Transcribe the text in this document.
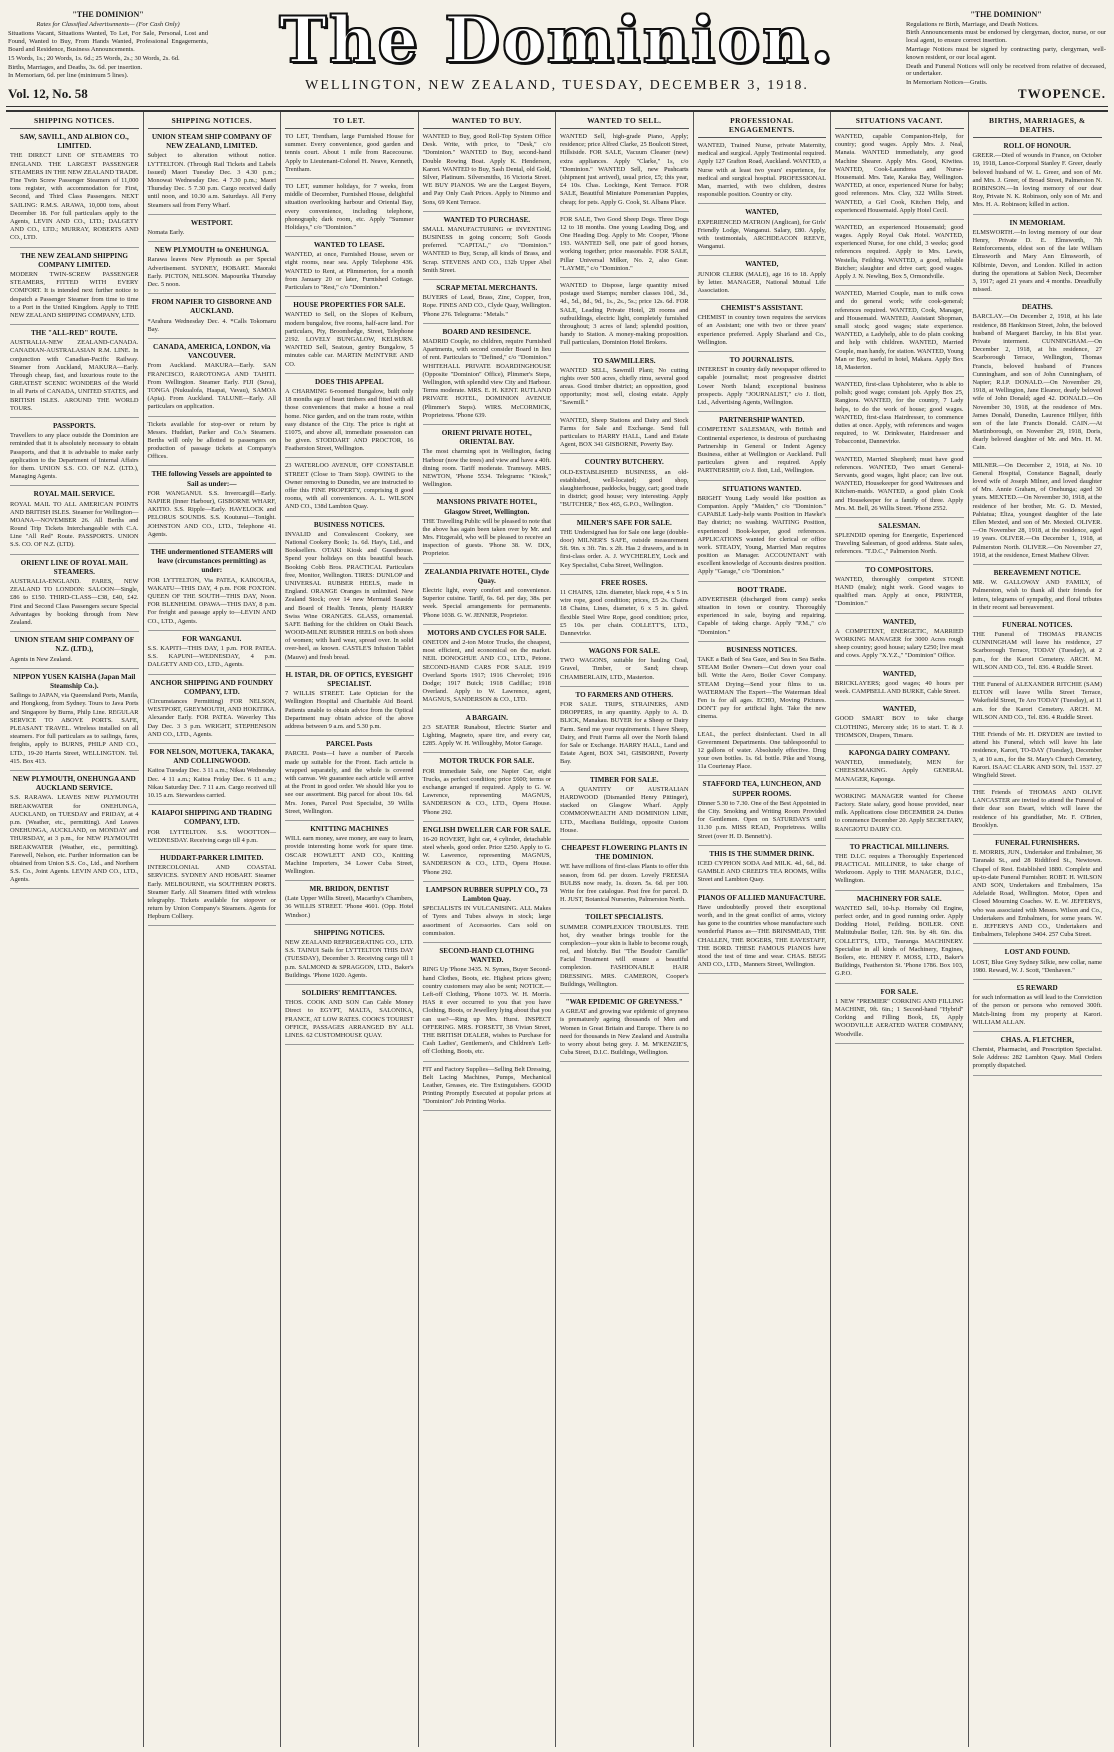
"THE DOMINION"
Rates for Classified Advertisements— (For Cash Only)

Situations Vacant, Situations Wanted, To Let, For Sale, Personal, Lost and Found, Wanted to Buy, From Hands Wanted, Professional Engagements, Board and Residence, Business Announcements.

15 Words, 1s.; 20 Words, 1s. 6d.; 25 Words, 2s.; 30 Words, 2s. 6d.

Births, Marriages, and Deaths, 3s. 6d. per insertion.

In Memoriam, 6d. per line (minimum 5 lines).	The Dominion.
WELLINGTON, NEW ZEALAND, TUESDAY, DECEMBER 3, 1918.
"THE DOMINION"

Regulations re Birth, Marriage, and Death Notices.

Birth Announcements must be endorsed by clergyman, doctor, nurse, or our local agent, to ensure correct insertion.

Marriage Notices must be signed by contracting party, clergyman, well-known resident, or our local agent.

Death and Funeral Notices will only be received from relative of deceased, or undertaker.

In Memoriam Notices—Gratis.

Vol. 12, No. 58	TWOPENCE.
SHIPPING NOTICES.
SAW, SAVILL, AND ALBION CO., LIMITED.
THE DIRECT LINE OF STEAMERS TO ENGLAND. THE LARGEST PASSENGER STEAMERS IN THE NEW ZEALAND TRADE. Fine Twin Screw Passenger Steamers of 11,000 tons register, with accommodation for First, Second, and Third Class Passengers. NEXT SAILING: R.M.S. ARAWA, 10,000 tons, about December 18. For full particulars apply to the Agents, LEVIN AND CO., LTD.; DALGETY AND CO., LTD.; MURRAY, ROBERTS AND CO., LTD.
THE NEW ZEALAND SHIPPING COMPANY LIMITED.
MODERN TWIN-SCREW PASSENGER STEAMERS, FITTED WITH EVERY COMFORT. It is intended next further notice to despatch a Passenger Steamer from time to time to a Port in the United Kingdom. Apply to THE NEW ZEALAND SHIPPING COMPANY, LTD.
THE "ALL-RED" ROUTE.
AUSTRALIA-NEW ZEALAND-CANADA. CANADIAN-AUSTRALASIAN R.M. LINE. In conjunction with Canadian-Pacific Railway. Steamer from Auckland, MAKURA—Early. Through cheap, fast, and luxurious route to the GREATEST SCENIC WONDERS of the World in all Parts of CANADA, UNITED STATES, and BRITISH ISLES. AROUND THE WORLD TOURS.
PASSPORTS.
Travellers to any place outside the Dominion are reminded that it is absolutely necessary to obtain Passports, and that it is advisable to make early application to the Department of Internal Affairs for them. UNION S.S. CO. OF N.Z. (LTD.), Managing Agents.
ROYAL MAIL SERVICE.
ROYAL MAIL TO ALL AMERICAN POINTS AND BRITISH ISLES. Steamer for Wellington—MOANA—NOVEMBER 26. All Berths and Round Trip Tickets Interchangeable with C.A. Line "All Red" Route. PASSPORTS. UNION S.S. CO. OF N.Z. (LTD).
ORIENT LINE OF ROYAL MAIL STEAMERS.
AUSTRALIA-ENGLAND. FARES, NEW ZEALAND TO LONDON: SALOON—Single, £86 to £150. THIRD-CLASS—£38, £40, £42. First and Second Class Passengers secure Special Advantages by booking through from New Zealand.
UNION STEAM SHIP COMPANY OF N.Z. (LTD.),
Agents in New Zealand.
NIPPON YUSEN KAISHA (Japan Mail Steamship Co.).
Sailings to JAPAN, via Queensland Ports, Manila, and Hongkong, from Sydney. Tours to Java Ports and Singapore by Burns, Philp Line. REGULAR SERVICE TO ABOVE PORTS. SAFE, PLEASANT TRAVEL. Wireless installed on all steamers. For full particulars as to sailings, fares, freights, apply to BURNS, PHILP AND CO., LTD., 19-20 Harris Street, WELLINGTON. Tel. 415. Box 413.
NEW PLYMOUTH, ONEHUNGA AND AUCKLAND SERVICE.
S.S. RARAWA. LEAVES NEW PLYMOUTH BREAKWATER for ONEHUNGA, AUCKLAND, on TUESDAY and FRIDAY, at 4 p.m. (Weather, etc., permitting). And Leaves ONEHUNGA, AUCKLAND, on MONDAY and THURSDAY, at 3 p.m., for NEW PLYMOUTH BREAKWATER (Weather, etc., permitting). Farewell, Nelson, etc. Further information can be obtained from Union S.S. Co., Ltd., and Northern S.S. Co., Joint Agents. LEVIN AND CO., LTD., Agents.
SHIPPING NOTICES.
UNION STEAM SHIP COMPANY OF NEW ZEALAND, LIMITED.
Subject to alteration without notice. LYTTELTON. (Through Rail Tickets and Labels Issued) Maori Tuesday Dec. 3 4.30 p.m.; Monowai Wednesday Dec. 4 7.30 p.m.; Maori Thursday Dec. 5 7.30 p.m. Cargo received daily until noon, and 10.30 a.m. Saturdays. All Ferry Steamers sail from Ferry Wharf.
WESTPORT.
Nomata Early.
NEW PLYMOUTH to ONEHUNGA.
Rarawa leaves New Plymouth as per Special Advertisement. SYDNEY, HOBART. Maoraki Early. PICTON, NELSON. Mapourika Thursday Dec. 5 noon.
FROM NAPIER TO GISBORNE AND AUCKLAND.
*Arahura Wednesday Dec. 4. *Calls Tokomaru Bay.
CANADA, AMERICA, LONDON, via VANCOUVER.
From Auckland. MAKURA—Early. SAN FRANCISCO, RAROTONGA AND TAHITI. From Wellington. Steamer Early. FIJI (Suva), TONGA (Nukualofa, Haapai, Vavau), SAMOA (Apia). From Auckland. TALUNE—Early. All particulars on application.
Tickets available for stop-over or return by Messrs. Huddart, Parker and Co.'s Steamers. Berths will only be allotted to passengers on production of passage tickets at Company's Offices.
THE following Vessels are appointed to Sail as under:—
FOR WANGANUI. S.S. Invercargill—Early. NAPIER (Inner Harbour), GISBORNE WHARF, AKITIO. S.S. Ripple—Early. HAVELOCK and PELORUS SOUNDS. S.S. Koutunui—Tonight. JOHNSTON AND CO., LTD., Telephone 41. Agents.
THE undermentioned STEAMERS will leave (circumstances permitting) as under:
FOR LYTTELTON, Via PATEA, KAIKOURA, WAKATU—THIS DAY, 4 p.m. FOR FOXTON. QUEEN OF THE SOUTH—THIS DAY, Noon. FOR BLENHEIM. OPAWA—THIS DAY, 8 p.m. For freight and passage apply to—LEVIN AND CO., LTD., Agents.
FOR WANGANUI.
S.S. KAPITI—THIS DAY, 1 p.m. FOR PATEA. S.S. KAPUNI—WEDNESDAY, 4 p.m. DALGETY AND CO., LTD., Agents.
ANCHOR SHIPPING AND FOUNDRY COMPANY, LTD.
(Circumstances Permitting) FOR NELSON, WESTPORT, GREYMOUTH, AND HOKITIKA. Alexander Early. FOR PATEA. Waverley This Day Dec. 3 3 p.m. WRIGHT, STEPHENSON AND CO., LTD., Agents.
FOR NELSON, MOTUEKA, TAKAKA, AND COLLINGWOOD.
Kaitoa Tuesday Dec. 3 11 a.m.; Nikau Wednesday Dec. 4 11 a.m.; Kaitoa Friday Dec. 6 11 a.m.; Nikau Saturday Dec. 7 11 a.m. Cargo received till 10.15 a.m. Stewardess carried.
KAIAPOI SHIPPING AND TRADING COMPANY, LTD.
FOR LYTTELTON. S.S. WOOTTON—WEDNESDAY. Receiving cargo till 4 p.m.
HUDDART-PARKER LIMITED.
INTERCOLONIAL AND COASTAL SERVICES. SYDNEY AND HOBART. Steamer Early. MELBOURNE, via SOUTHERN PORTS. Steamer Early. All Steamers fitted with wireless telegraphy. Tickets available for stopover or return by Union Company's Steamers. Agents for Hepburn Colliery.
TO LET.
TO LET, Trentham, large Furnished House for summer. Every convenience, good garden and tennis court. About 1 mile from Racecourse. Apply to Lieutenant-Colonel H. Neave, Kenneth, Trentham.
TO LET, summer holidays, for 7 weeks, from middle of December, Furnished House, delightful situation overlooking harbour and Oriental Bay, every convenience, including telephone, phonograph; dark room, etc. Apply "Summer Holidays," c/o "Dominion."
WANTED TO LEASE.
WANTED, at once, Furnished House, seven or eight rooms, near sea. Apply Telephone 436. WANTED to Rent, at Plimmerton, for a month from January 20 or later, Furnished Cottage. Particulars to "Rest," c/o "Dominion."
HOUSE PROPERTIES FOR SALE.
WANTED to Sell, on the Slopes of Kelburn, modern bungalow, five rooms, half-acre land. For particulars, Pty, Broomhedge, Street, Telephone 2192. LOVELY BUNGALOW, KELBURN. WANTED Sell, Seatoun, gentry Bungalow, 5 minutes cable car. MARTIN McINTYRE AND CO.
DOES THIS APPEAL
A CHARMING 6-roomed Bungalow, built only 18 months ago of heart timbers and fitted with all those conveniences that make a house a real home. Nice garden, and on the tram route, within easy distance of the City. The price is right at £1075, and above all, immediate possession can be given. STODDART AND PROCTOR, 16 Featherston Street, Wellington.
23 WATERLOO AVENUE, OFF CONSTABLE STREET (Close to Tram Stop). OWING to the Owner removing to Dunedin, we are instructed to offer this FINE PROPERTY, comprising 8 good rooms, with all conveniences. A. L. WILSON AND CO., 138d Lambton Quay.
BUSINESS NOTICES.
INVALID and Convalescent Cookery, see National Cookery Book; 1s. 6d. Hay's, Ltd., and Booksellers. OTAKI Kiosk and Guesthouse. Spend your holidays on this beautiful beach. Booking Cobb Bros. PRACTICAL Particulars free, Monitor, Wellington. TIRES: DUNLOP and UNIVERSAL RUBBER HEELS, made in England. ORANGE Oranges in unlimited. New Zealand Stock; over 14 new Mermaid Seaside and Board of Health. Tennis, plenty HARRY Swiss Wine ORANGES. GLASS, ornamental. SAFE Bathing for the children on Otaki Beach. WOOD-MILNE RUBBER HEELS on both shoes of women; with hard wear, spread over. In solid over-heel, as known. CASTLE'S Infusion Tablet (Mauve) and fresh bread.
H. ISTAR, DR. OF OPTICS, EYESIGHT SPECIALIST.
7 WILLIS STREET. Late Optician for the Wellington Hospital and Charitable Aid Board. Patients unable to obtain advice from the Optical Department may obtain advice of the above address between 9 a.m. and 5.30 p.m.
PARCEL Posts
PARCEL Posts—I have a number of Parcels made up suitable for the Front. Each article is wrapped separately, and the whole is covered with canvas. We guarantee each article will arrive at the Front in good order. We should like you to see our assortment. Big parcel for about 10s. 6d. Mrs. Jones, Parcel Post Specialist, 39 Willis Street, Wellington.
KNITTING MACHINES
WILL earn money, save money, are easy to learn, provide interesting home work for spare time. OSCAR HOWLETT AND CO., Knitting Machine Importers, 34 Lower Cuba Street, Wellington.
MR. BRIDON, DENTIST
(Late Upper Willis Street), Macarthy's Chambers, 36 WILLIS STREET. 'Phone 4601. (Opp. Hotel Windsor.)
SHIPPING NOTICES.
NEW ZEALAND REFRIGERATING CO., LTD. S.S. TAINUI Sails for LYTTELTON THIS DAY (TUESDAY), December 3. Receiving cargo till 1 p.m. SALMOND & SPRAGGON, LTD., Baker's Buildings. 'Phone 1020. Agents.
SOLDIERS' REMITTANCES.
THOS. COOK AND SON Can Cable Money Direct to EGYPT, MALTA, SALONIKA, FRANCE, AT LOW RATES. COOK'S TOURIST OFFICE, PASSAGES ARRANGED BY ALL LINES. 62 CUSTOMHOUSE QUAY.
WANTED TO BUY.
WANTED to Buy, good Roll-Top System Office Desk. Write, with price, to "Desk," c/o "Dominion." WANTED to Buy, second-hand Double Rowing Boat. Apply K. Henderson, Karori. WANTED to Buy, Sash Dental, old Gold, Silver, Platinum. Silversmiths, 16 Victoria Street. WE BUY PIANOS. We are the Largest Buyers, and Pay Only Cash Prices. Apply to Nimmo and Sons, 69 Kent Terrace.
WANTED TO PURCHASE.
SMALL MANUFACTURING or INVENTING BUSINESS in going concern; Soft Goods preferred. "CAPITAL," c/o "Dominion." WANTED to Buy, Scrap, all kinds of Brass, and Scrap. STEVENS AND CO., 132b Upper Abel Smith Street.
SCRAP METAL MERCHANTS.
BUYERS of Lead, Brass, Zinc, Copper, Iron, Rope. FINES AND CO., Clyde Quay, Wellington. 'Phone 276. Telegrams: "Metals."
BOARD AND RESIDENCE.
MADRID Couple, no children, require Furnished Apartments, with second consider Board in lieu of rent. Particulars to "Defined," c/o "Dominion." WHITEHALL PRIVATE BOARDINGHOUSE (Opposite "Dominion" Office), Plimmer's Steps, Wellington, with splendid view City and Harbour. Terms moderate. MRS. E. H. KENT. RUTLAND PRIVATE HOTEL, DOMINION AVENUE (Plimmer's Steps). WIRS. McCORMICK, Proprietress. 'Phone 639.
ORIENT PRIVATE HOTEL, ORIENTAL BAY.
The most charming spot in Wellington, facing Harbour (now the trees) and view and have a 40ft. dining room. Tariff moderate. Tramway. MRS. NEWTON, 'Phone 5534. Telegrams: "Kiosk," Wellington.
MANSIONS PRIVATE HOTEL, Glasgow Street, Wellington.
THE Travelling Public will be pleased to note that the above has again been taken over by Mr. and Mrs. Fitzgerald, who will be pleased to receive an inspection of guests. 'Phone 38. W. DIX, Proprietor.
ZEALANDIA PRIVATE HOTEL, Clyde Quay.
Electric light, every comfort and convenience. Superior cuisine. Tariff, 6s. 6d. per day, 38s. per week. Special arrangements for permanents. 'Phone 1038. G. W. JENNER, Proprietor.
MOTORS AND CYCLES FOR SALE.
ONETON and 2-ton Motor Trucks, the cheapest, most efficient, and economical on the market. NEIL DONOGHUE AND CO., LTD., Petone. SECOND-HAND CARS FOR SALE. 1919 Overland Sports 1917; 1916 Chevrolet; 1916 Dodge; 1917 Buick; 1918 Cadillac; 1918 Overland. Apply to W. Lawrence, agent, MAGNUS, SANDERSON & CO., LTD.
A BARGAIN.
2/3 SEATER Runabout, Electric Starter and Lighting, Magneto, spare tire, and every car, £285. Apply W. H. Willoughby, Motor Garage.
MOTOR TRUCK FOR SALE.
FOR immediate Sale, one Napier Car, eight Trucks, as perfect condition; price £600; terms or exchange arranged if required. Apply to G. W. Lawrence, representing MAGNUS, SANDERSON & CO., LTD., Opera House. 'Phone 292.
ENGLISH DWELLER CAR FOR SALE.
16-20 ROVERT, light car, 4 cylinder, detachable steel wheels, good order. Price £250. Apply to G. W. Lawrence, representing MAGNUS, SANDERSON & CO., LTD., Opera House. 'Phone 292.
LAMPSON RUBBER SUPPLY CO., 73 Lambton Quay.
SPECIALISTS IN VULCANISING. ALL Makes of Tyres and Tubes always in stock; large assortment of Accessories. Cars sold on commission.
SECOND-HAND CLOTHING WANTED.
RING Up 'Phone 3435. N. Symes, Buyer Second-hand Clothes, Boots, etc. Highest prices given; country customers may also be sent; NOTICE.—Left-off Clothing, 'Phone 1073. W. H. Morris. HAS it ever occurred to you that you have Clothing, Boots, or Jewellery lying about that you can use?—Ring up Mrs. Hurst. INSPECT OFFERING. MRS. FORSETT, 38 Vivian Street, THE BRITISH DEALER, wishes to Purchase for Cash Ladies', Gentlemen's, and Children's Left-off Clothing, Boots, etc.
FIT and Factory Supplies—Selling Belt Dressing, Belt Lacing Machines, Pumps, Mechanical Leather, Greases, etc. Tire Extinguishers. GOOD Printing Promptly Executed at popular prices at "Dominion" Job Printing Works.
WANTED TO SELL.
WANTED Sell, high-grade Piano, Apply; residence; price Alfred Clarke, 25 Boulcott Street, Hillsiside. FOR SALE, Vacuum Cleaner (new) extra appliances. Apply "Clarke," 1s, c/o "Dominion." WANTED Sell, new Pushcarts (shipment just arrived), usual price, £5; this year, £4 10s. Chas. Lockings, Kent Terrace. FOR SALE, Beautiful Miniature Pomeranian Puppies, cheap; for pets. Apply G. Cook, St. Albans Place.
FOR SALE, Two Good Sheep Dogs. Three Dogs 12 to 18 months. One young Leading Dog, and One Heading Dog. Apply to Mr. Cooper, 'Phone 193. WANTED Sell, one pair of good horses, working together; price reasonable. FOR SALE, Pillar Universal Milker, No. 2, also Gear. "LAYME," c/o "Dominion."
WANTED to Dispose, large quantity mixed postage used Stamps; number classes 10d., 3d., 4d., 5d., 8d., 9d., 1s., 2s., 5s.; price 12s. 6d. FOR SALE, Leading Private Hotel, 28 rooms and outbuildings, electric light, completely furnished throughout; 3 acres of land; splendid position, handy to Station. A money-making proposition. Full particulars, Dominion Hotel Brokers.
TO SAWMILLERS.
WANTED SELL, Sawmill Plant; No cutting rights over 500 acres, chiefly rimu, several good areas. Good timber district; an opposition, good opportunity; most sell, closing estate. Apply "Sawmill."
WANTED, Sheep Stations and Dairy and Stock Farms for Sale and Exchange. Send full particulars to HARRY HALL, Land and Estate Agent, BOX 341 GISBORNE, Poverty Bay.
COUNTRY BUTCHERY.
OLD-ESTABLISHED BUSINESS, an old-established, well-located; good shop, slaughterhouse, paddocks, buggy, cart; good trade in district; good house; very interesting. Apply "BUTCHER," Box 465, G.P.O., Wellington.
MILNER'S SAFE FOR SALE.
THE Undersigned has for Sale one large (double-door) MILNER'S SAFE, outside measurement 5ft. 9in. x 3ft. 7in. x 2ft. Has 2 drawers, and is in first-class order. A. J. WYCHERLEY, Lock and Key Specialist, Cuba Street, Wellington.
FREE ROSES.
11 CHAINS, 12in. diameter, black rope, 4 x 5 in. wire rope, good condition; prices, £5 2s. Chains 18 Chains, Lines, diameter, 6 x 5 in. galvd. flexible Steel Wire Rope, good condition; price, £5 10s. per chain. COLLETT'S, LTD., Dannevirke.
WAGONS FOR SALE.
TWO WAGONS, suitable for hauling Coal, Gravel, Timber, or Sand; cheap. CHAMBERLAIN, LTD., Masterton.
TO FARMERS AND OTHERS.
FOR SALE. TRIPS, STRAINERS, AND DROPPERS, in any quantity. Apply to A. D. BLICK, Manakau. BUYER for a Sheep or Dairy Farm. Send me your requirements. I have Sheep, Dairy, and Fruit Farms all over the North Island for Sale or Exchange. HARRY HALL, Land and Estate Agent, BOX 341, GISBORNE, Poverty Bay.
TIMBER FOR SALE.
A QUANTITY OF AUSTRALIAN HARDWOOD (Dismantled Henry Pittinger), stacked on Glasgow Wharf. Apply COMMONWEALTH AND DOMINION LINE, LTD., Macdiana Buildings, opposite Custom House.
CHEAPEST FLOWERING PLANTS IN THE DOMINION.
WE have millions of first-class Plants to offer this season, from 6d. per dozen. Lovely FREESIA BULBS now ready, 1s. dozen. 5s. 6d. per 100. Write for free catalogue. Post free for parcel. D. H. JUST, Botanical Nurseries, Palmerston North.
TOILET SPECIALISTS.
SUMMER COMPLEXION TROUBLES. THE hot, dry weather brings trouble for the complexion—your skin is liable to become rough, red, and blotchy. But "The Boudoir Camille" Facial Treatment will ensure a beautiful complexion. FASHIONABLE HAIR DRESSING. MRS. CAMERON, Cooper's Buildings, Wellington.
"WAR EPIDEMIC OF GREYNESS."
A GREAT and growing war epidemic of greyness is prematurely ageing thousands of Men and Women in Great Britain and Europe. There is no need for thousands in New Zealand and Australia to worry about being grey. J. M. M'KENZIE'S, Cuba Street, D.I.C. Buildings, Wellington.
PROFESSIONAL ENGAGEMENTS.
WANTED, Trained Nurse, private Maternity, medical and surgical. Apply Testimonial required. Apply 127 Grafton Road, Auckland. WANTED, a Nurse with at least two years' experience, for medical and surgical hospital. PROFESSIONAL Man, married, with two children, desires responsible position. Country or city.
WANTED,
EXPERIENCED MATRON (Anglican), for Girls' Friendly Lodge, Wanganui. Salary, £80. Apply, with testimonials, ARCHDEACON REEVE, Wanganui.
WANTED,
JUNIOR CLERK (MALE), age 16 to 18. Apply by letter. MANAGER, National Mutual Life Association.
CHEMIST'S ASSISTANT.
CHEMIST in country town requires the services of an Assistant; one with two or three years' experience preferred. Apply Sharland and Co., Wellington.
TO JOURNALISTS.
INTEREST in country daily newspaper offered to capable journalist; most progressive district Lower North Island; exceptional business prospects. Apply "JOURNALIST," c/o J. Ilott, Ltd., Advertising Agents, Wellington.
PARTNERSHIP WANTED.
COMPETENT SALESMAN, with British and Continental experience, is desirous of purchasing Partnership in General or Indent Agency Business, either at Wellington or Auckland. Full particulars given and required. Apply PARTNERSHIP, c/o J. Ilott, Ltd., Wellington.
SITUATIONS WANTED.
BRIGHT Young Lady would like position as Companion. Apply "Maiden," c/o "Dominion." CAPABLE Lady-help wants Position in Hawke's Bay district; no washing. WAITING Position, experienced Book-keeper, good references. APPLICATIONS wanted for clerical or office work. STEADY, Young, Married Man requires position as Manager. ACCOUNTANT with excellent knowledge of Accounts desires position. Apply "Garage," c/o "Dominion."
BOOT TRADE.
ADVERTISER (discharged from camp) seeks situation in town or country. Thoroughly experienced in sale, buying and repairing. Capable of taking charge. Apply "P.M.," c/o "Dominion."
BUSINESS NOTICES.
TAKE a Bath of Sea Gaze, and Sea in Sea Baths. STEAM Boiler Owners—Cut down your coal bill. Write the Aero, Boiler Cover Company. STEAM Drying—Send your films to us. WATERMAN The Expert—The Waterman Ideal Fen is for all ages. ECHO, Moving Pictures. DON'T pay for artificial light. Take the new cinema.
LEAL, the perfect disinfectant. Used in all Government Departments. One tablespoonful to 12 gallons of water. Absolutely effective. Drug your own bottles. 1s. 6d. bottle. Pike and Young, 11a Courtenay Place.
STAFFORD TEA, LUNCHEON, AND SUPPER ROOMS.
Dinner 5.30 to 7.30. One of the Best Appointed in the City. Smoking and Writing Room Provided for Gentlemen. Open on SATURDAYS until 11.30 p.m. MISS READ, Proprietress. Willis Street (over H. D. Bennett's).
THIS IS THE SUMMER DRINK.
ICED CYPHON SODA And MILK. 4d., 6d., 8d. GAMBLE AND CREED'S TEA ROOMS, Willis Street and Lambton Quay.
PIANOS OF ALLIED MANUFACTURE.
Have undoubtedly proved their exceptional worth, and in the great conflict of arms, victory has gone to the countries whose manufacture such wonderful Pianos as—THE BRINSMEAD, THE CHALLEN, THE ROGERS, THE EAVESTAFF, THE BORD. THESE FAMOUS PIANOS have stood the test of time and wear. CHAS. BEGG AND CO., LTD., Manners Street, Wellington.
SITUATIONS VACANT.
WANTED, capable Companion-Help, for country; good wages. Apply Mrs. J. Neal, Manaia. WANTED immediately, any good Machine Shearer. Apply Mrs. Good, Kiwitea. WANTED, Cook-Laundress and Nurse-Housemaid. Mrs. Tate, Karaka Bay, Wellington. WANTED, at once, experienced Nurse for baby; good references. Mrs. Clay, 322 Willis Street. WANTED, a Girl Cook, Kitchen Help, and experienced Housemaid. Apply Hotel Cecil.
WANTED, an experienced Housemaid; good wages. Apply Royal Oak Hotel. WANTED, experienced Nurse, for one child, 3 weeks; good references required. Apply to Mrs. Lewis, Westella, Feilding. WANTED, a good, reliable Butcher; slaughter and drive cart; good wages. Apply J. N. Newling, Box 5, Ormondville.
WANTED, Married Couple, man to milk cows and do general work; wife cook-general; references required. WANTED, Cook, Manager, and Housemaid. WANTED, Assistant Shopman, small stock; good wages; state experience. WANTED, a Ladyhelp, able to do plain cooking and help with children. WANTED, Married Couple, man handy, for station. WANTED, Young Man or Boy, useful in hotel, Makara. Apply Box 18, Masterton.
WANTED, first-class Upholsterer, who is able to polish; good wage; constant job. Apply Box 25, Rangiora. WANTED, for the country, 7 Lady helps, to do the work of house; good wages. WANTED, first-class Hairdresser, to commence duties at once. Apply, with references and wages required, to W. Drinkwater, Hairdresser and Tobacconist, Dannevirke.
WANTED, Married Shepherd; must have good references. WANTED, Two smart General-Servants, good wages, light place; can live out. WANTED, Housekeeper for good Waitresses and Kitchen-maids. WANTED, a good plain Cook and Housekeeper for a family of three. Apply Mrs. M. Bell, 26 Willis Street. 'Phone 2552.
SALESMAN.
SPLENDID opening for Energetic, Experienced Traveling Salesman, of good address. State sales, references. "T.D.C.," Palmerston North.
TO COMPOSITORS.
WANTED, thoroughly competent STONE HAND (male); night work. Good wages to qualified man. Apply at once, PRINTER, "Dominion."
WANTED,
A COMPETENT, ENERGETIC, MARRIED WORKING MANAGER for 3000 Acres rough sheep country; good house; salary £250; live meat and cows. Apply "X.Y.Z.," "Dominion" Office.
WANTED,
BRICKLAYERS; good wages; 40 hours per week. CAMPBELL AND BURKE, Cable Street.
WANTED,
GOOD SMART BOY to take charge CLOTHING, Mercery side; 16 to start. T. & J. THOMSON, Drapers, Timaru.
KAPONGA DAIRY COMPANY.
WANTED, immediately, MEN for CHEESEMAKING. Apply GENERAL MANAGER, Kaponga.
WORKING MANAGER wanted for Cheese Factory. State salary, good house provided, near milk. Applications close DECEMBER 24. Duties to commence December 20. Apply SECRETARY, RANGIOTU DAIRY CO.
TO PRACTICAL MILLINERS.
THE D.I.C. requires a Thoroughly Experienced PRACTICAL MILLINER, to take charge of Workroom. Apply to THE MANAGER, D.I.C., Wellington.
MACHINERY FOR SALE.
WANTED Sell, 10-h.p. Hornsby Oil Engine, perfect order, and in good running order. Apply Dodding Hotel, Feilding. BOILER. ONE Multitubular Boiler, 12ft. 9in. by 4ft. 6in. dia. COLLETT'S, LTD., Tauranga. MACHINERY. Specialise in all kinds of Machinery, Engines, Boilers, etc. HENRY F. MOSS, LTD., Baker's Buildings, Featherston St. 'Phone 1786. Box 103, G.P.O.
FOR SALE.
1 NEW "PREMIER" CORKING AND FILLING MACHINE, 9ft. 6in.; 1 Second-hand "Hybrid" Corking and Filling Book, £6, Apply WOODVILLE AERATED WATER COMPANY, Woodville.
BIRTHS, MARRIAGES, & DEATHS.
ROLL OF HONOUR.
GREER.—Died of wounds in France, on October 19, 1918, Lance-Corporal Stanley F. Greer, dearly beloved husband of W. L. Greer, and son of Mr. and Mrs. J. Greer, of Broad Street, Palmerston N. ROBINSON.—In loving memory of our dear Roy, Private N. K. Robinson, only son of Mr. and Mrs. H. A. Robinson; killed in action.
IN MEMORIAM.
ELMSWORTH.—In loving memory of our dear Henry, Private D. E. Elmsworth, 7th Reinforcements, eldest son of the late William Elmsworth and Mary Ann Elmsworth, of Kilbirnie, Devon, and London. Killed in action during the operations at Sablon Neck, December 3, 1917; aged 21 years and 4 months. Dreadfully missed.
DEATHS.
BARCLAY.—On December 2, 1918, at his late residence, 88 Hankinson Street, John, the beloved husband of Margaret Barclay, in his 81st year. Private interment. CUNNINGHAM.—On December 2, 1918, at his residence, 27 Scarborough Terrace, Wellington, Thomas Francis, beloved husband of Frances Cunningham, and son of John Cunningham, of Napier; R.I.P. DONALD.—On November 29, 1918, at Wellington, Jane Eleanor, dearly beloved wife of John Donald; aged 42. DONALD.—On November 30, 1918, at the residence of Mrs. James Donald, Dunedin, Laurence Hillyer, fifth son of the late Francis Donald. CAIN.—At Martinborough, on November 29, 1918, Doris, dearly beloved daughter of Mr. and Mrs. H. M. Cain.
MILNER.—On December 2, 1918, at No. 10 General Hospital, Constance Bagnall, dearly loved wife of Joseph Milner, and loved daughter of Mrs. Annie Graham, of Onehunga; aged 30 years. MEXTED.—On November 30, 1918, at the residence of her brother, Mr. G. D. Mexted, Pahiatua; Eliza, youngest daughter of the late Ellen Mexted, and son of Mr. Mexted. OLIVER.—On November 28, 1918, at the residence, aged 19 years. OLIVER.—On December 1, 1918, at Palmerston North. OLIVER.—On November 27, 1918, at the residence, Ernest Mathew Oliver.
BEREAVEMENT NOTICE.
MR. W. GALLOWAY AND FAMILY, of Palmerston, wish to thank all their friends for letters, telegrams of sympathy, and floral tributes in their recent sad bereavement.
FUNERAL NOTICES.
THE Funeral of THOMAS FRANCIS CUNNINGHAM will leave his residence, 27 Scarborough Terrace, TODAY (Tuesday), at 2 p.m., for the Karori Cemetery. ARCH. M. WILSON AND CO., Tel. 836. 4 Ruddle Street.
THE Funeral of ALEXANDER RITCHIE (SAM) ELTON will leave Willis Street Terrace, Wakefield Street, Te Aro TODAY (Tuesday), at 11 a.m. for the Karori Cemetery. ARCH. M. WILSON AND CO., Tel. 836. 4 Ruddle Street.
THE Friends of Mr. H. DRYDEN are invited to attend his Funeral, which will leave his late residence, Karori, TO-DAY (Tuesday), December 3, at 10 a.m., for the St. Mary's Church Cemetery, Karori. ISAAC CLARK AND SON, Tel. 1537. 27 Wingfield Street.
THE Friends of THOMAS AND OLIVE LANCASTER are invited to attend the Funeral of their dear son Ewart, which will leave the residence of his grandfather, Mr. F. O'Brien, Brooklyn.
FUNERAL FURNISHERS.
E. MORRIS, JUN., Undertaker and Embalmer, 36 Taranaki St., and 28 Riddiford St., Newtown. Chapel of Rest. Established 1880. Complete and up-to-date Funeral Furnisher. ROBT. H. WILSON AND SON, Undertakers and Embalmers, 15a Adelaide Road, Wellington. Motor, Open and Closed Mourning Coaches. W. E. W. JEFFERYS, who was associated with Messrs. Wilson and Co., Undertakers and Embalmers, for some years. W. E. JEFFERYS AND CO., Undertakers and Embalmers, Telephone 3404. 257 Cuba Street.
LOST AND FOUND.
LOST, Blue Grey Sydney Silkie, new collar, name 1980. Reward, W. J. Scott, "Denhaven."
£5 REWARD
for such information as will lead to the Conviction of the person or persons who removed 300ft. Match-lining from my property at Karori. WILLIAM ALLAN.
CHAS. A. FLETCHER,
Chemist, Pharmacist, and Prescription Specialist. Sole Address: 282 Lambton Quay. Mail Orders promptly dispatched.
